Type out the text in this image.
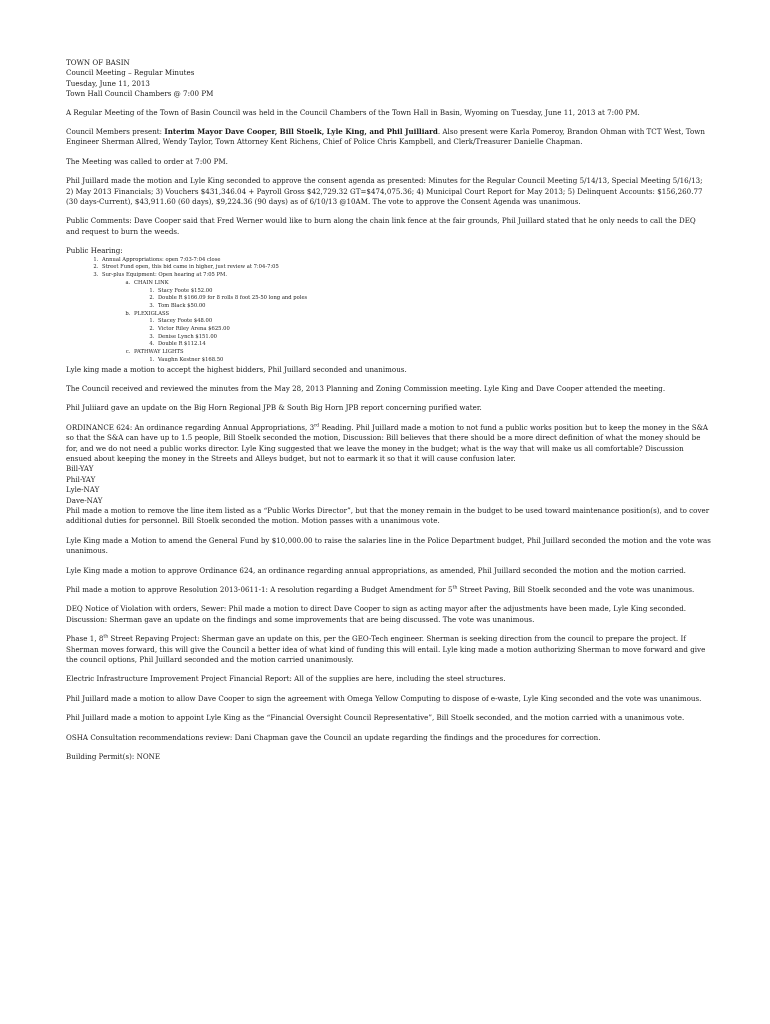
TOWN OF BASIN
Council Meeting – Regular Minutes
Tuesday, June 11, 2013
Town Hall Council Chambers @ 7:00 PM

A Regular Meeting of the Town of Basin Council was held in the Council Chambers of the Town Hall in Basin, Wyoming on Tuesday, June 11, 2013 at 7:00 PM.

Council Members present: Interim Mayor Dave Cooper, Bill Stoelk, Lyle King, and Phil Juilliard. Also present were Karla Pomeroy, Brandon Ohman with TCT West, Town Engineer Sherman Allred, Wendy Taylor, Town Attorney Kent Richens, Chief of Police Chris Kampbell, and Clerk/Treasurer Danielle Chapman.

The Meeting was called to order at 7:00 PM.

Phil Juillard made the motion and Lyle King seconded to approve the consent agenda as presented: Minutes for the Regular Council Meeting 5/14/13, Special Meeting 5/16/13; 2) May 2013 Financials; 3) Vouchers $431,346.04 + Payroll Gross $42,729.32 GT=$474,075.36; 4) Municipal Court Report for May 2013; 5) Delinquent Accounts: $156,260.77 (30 days-Current), $43,911.60 (60 days), $9,224.36 (90 days) as of 6/10/13 @10AM. The vote to approve the Consent Agenda was unanimous.

Public Comments: Dave Cooper said that Fred Werner would like to burn along the chain link fence at the fair grounds, Phil Juillard stated that he only needs to call the DEQ and request to burn the weeds.

Public Hearing:
1. Annual Appropriations: open 7:03-7:04 close
2. Street Fund open, this bid came in higher, just review at 7:04-7:05
3. Sur-plus Equipment: Open hearing at 7:05 PM.
a. CHAIN LINK
1. Stacy Foote $152.00
2. Double R $166.09 for 8 rolls 8 foot 25-50 long and poles
3. Tom Black $50.00
b. PLEXIGLASS
1. Stacey Foote $48.00
2. Victor Riley Arena $625.00
3. Denise Lynch $151.00
4. Double R $112.14
c. PATHWAY LIGHTS
1. Vaughn Kestner $168.50

Lyle king made a motion to accept the highest bidders, Phil Juillard seconded and unanimous.

The Council received and reviewed the minutes from the May 28, 2013 Planning and Zoning Commission meeting. Lyle King and Dave Cooper attended the meeting.

Phil Juliiard gave an update on the Big Horn Regional JPB & South Big Horn JPB report concerning purified water.

ORDINANCE 624: An ordinance regarding Annual Appropriations, 3rd Reading. Phil Juillard made a motion to not fund a public works position but to keep the money in the S&A so that the S&A can have up to 1.5 people, Bill Stoelk seconded the motion, Discussion: Bill believes that there should be a more direct definition of what the money should be for, and we do not need a public works director. Lyle King suggested that we leave the money in the budget; what is the way that will make us all comfortable? Discussion ensued about keeping the money in the Streets and Alleys budget, but not to earmark it so that it will cause confusion later.

Bill-YAY
Phil-YAY
Lyle-NAY
Dave-NAY

Phil made a motion to remove the line item listed as a “Public Works Director”, but that the money remain in the budget to be used toward maintenance position(s), and to cover additional duties for personnel. Bill Stoelk seconded the motion. Motion passes with a unanimous vote.

Lyle King made a Motion to amend the General Fund by $10,000.00 to raise the salaries line in the Police Department budget, Phil Juillard seconded the motion and the vote was unanimous.

Lyle King made a motion to approve Ordinance 624, an ordinance regarding annual appropriations, as amended, Phil Juillard seconded the motion and the motion carried.

Phil made a motion to approve Resolution 2013-0611-1: A resolution regarding a Budget Amendment for 5th Street Paving, Bill Stoelk seconded and the vote was unanimous.

DEQ Notice of Violation with orders, Sewer: Phil made a motion to direct Dave Cooper to sign as acting mayor after the adjustments have been made, Lyle King seconded. Discussion: Sherman gave an update on the findings and some improvements that are being discussed. The vote was unanimous.

Phase 1, 8th Street Repaving Project: Sherman gave an update on this, per the GEO-Tech engineer. Sherman is seeking direction from the council to prepare the project. If Sherman moves forward, this will give the Council a better idea of what kind of funding this will entail. Lyle king made a motion authorizing Sherman to move forward and give the council options, Phil Juillard seconded and the motion carried unanimously.

Electric Infrastructure Improvement Project Financial Report: All of the supplies are here, including the steel structures.

Phil Juillard made a motion to allow Dave Cooper to sign the agreement with Omega Yellow Computing to dispose of e-waste, Lyle King seconded and the vote was unanimous.

Phil Juillard made a motion to appoint Lyle King as the “Financial Oversight Council Representative”, Bill Stoelk seconded, and the motion carried with a unanimous vote.

OSHA Consultation recommendations review: Dani Chapman gave the Council an update regarding the findings and the procedures for correction.

Building Permit(s): NONE
